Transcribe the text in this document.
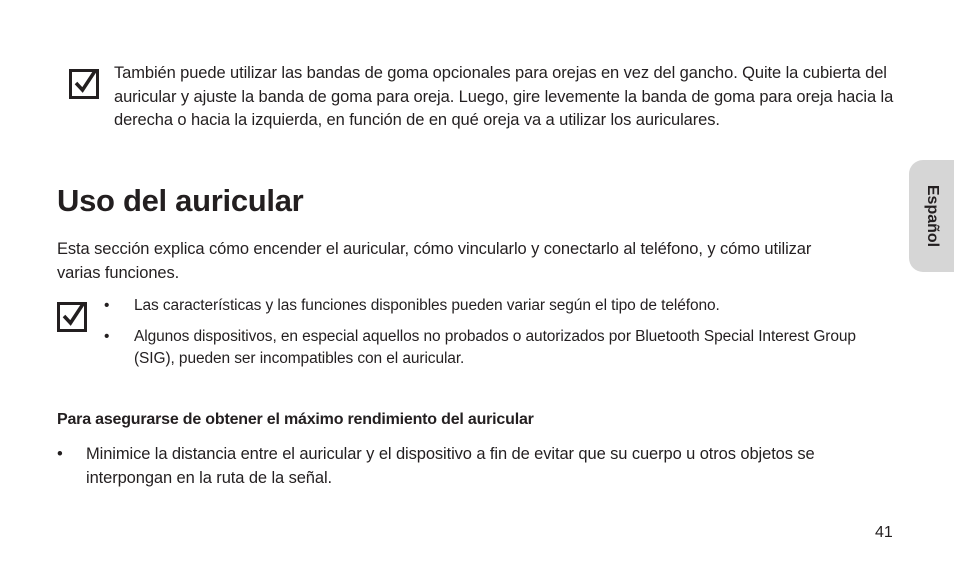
También puede utilizar las bandas de goma opcionales para orejas en vez del gancho. Quite la cubierta del auricular y ajuste la banda de goma para oreja. Luego, gire levemente la banda de goma para oreja hacia la derecha o hacia la izquierda, en función de en qué oreja va a utilizar los auriculares.
Uso del auricular
Esta sección explica cómo encender el auricular, cómo vincularlo y conectarlo al teléfono, y cómo utilizar varias funciones.
• Las características y las funciones disponibles pueden variar según el tipo de teléfono.
• Algunos dispositivos, en especial aquellos no probados o autorizados por Bluetooth Special Interest Group (SIG), pueden ser incompatibles con el auricular.
Para asegurarse de obtener el máximo rendimiento del auricular
• Minimice la distancia entre el auricular y el dispositivo a fin de evitar que su cuerpo u otros objetos se interpongan en la ruta de la señal.
Español
41
